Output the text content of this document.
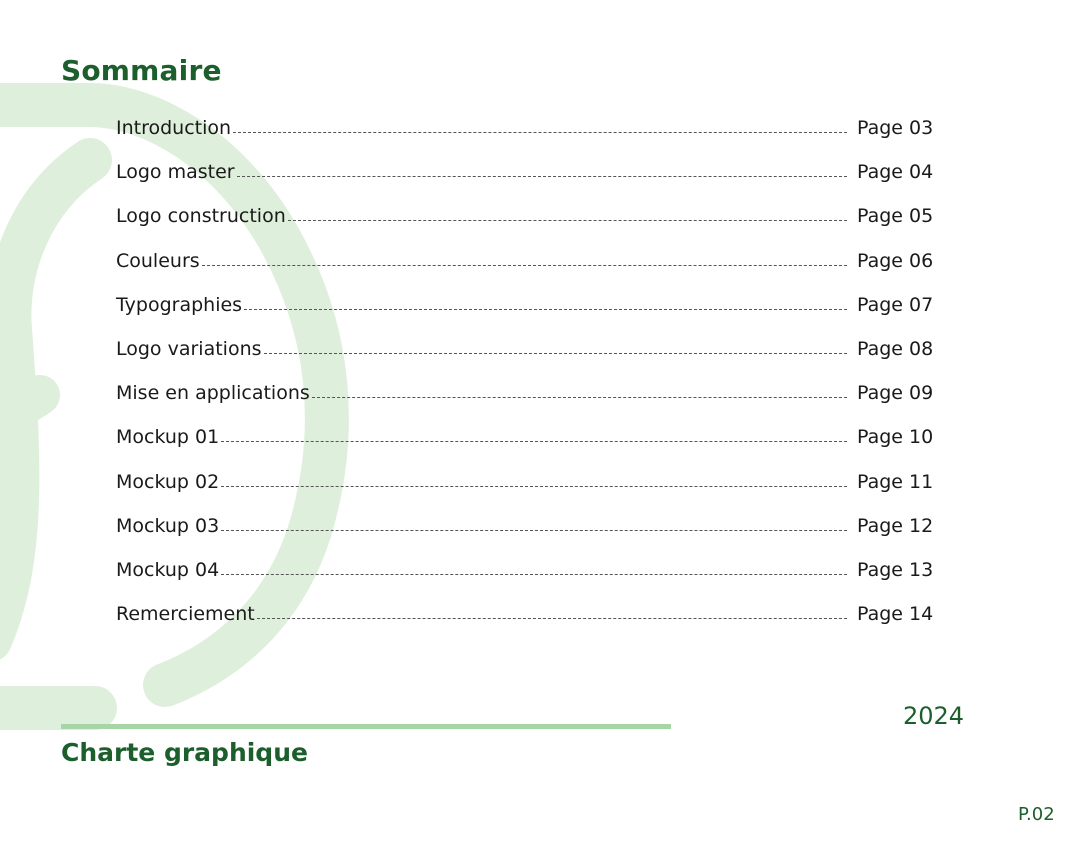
Sommaire
Introduction	Page 03
Logo master	Page 04
Logo construction	Page 05
Couleurs	Page 06
Typographies	Page 07
Logo variations	Page 08
Mise en applications	Page 09
Mockup 01	Page 10
Mockup 02	Page 11
Mockup 03	Page 12
Mockup 04	Page 13
Remerciement	Page 14
2024
Charte graphique
P.02
